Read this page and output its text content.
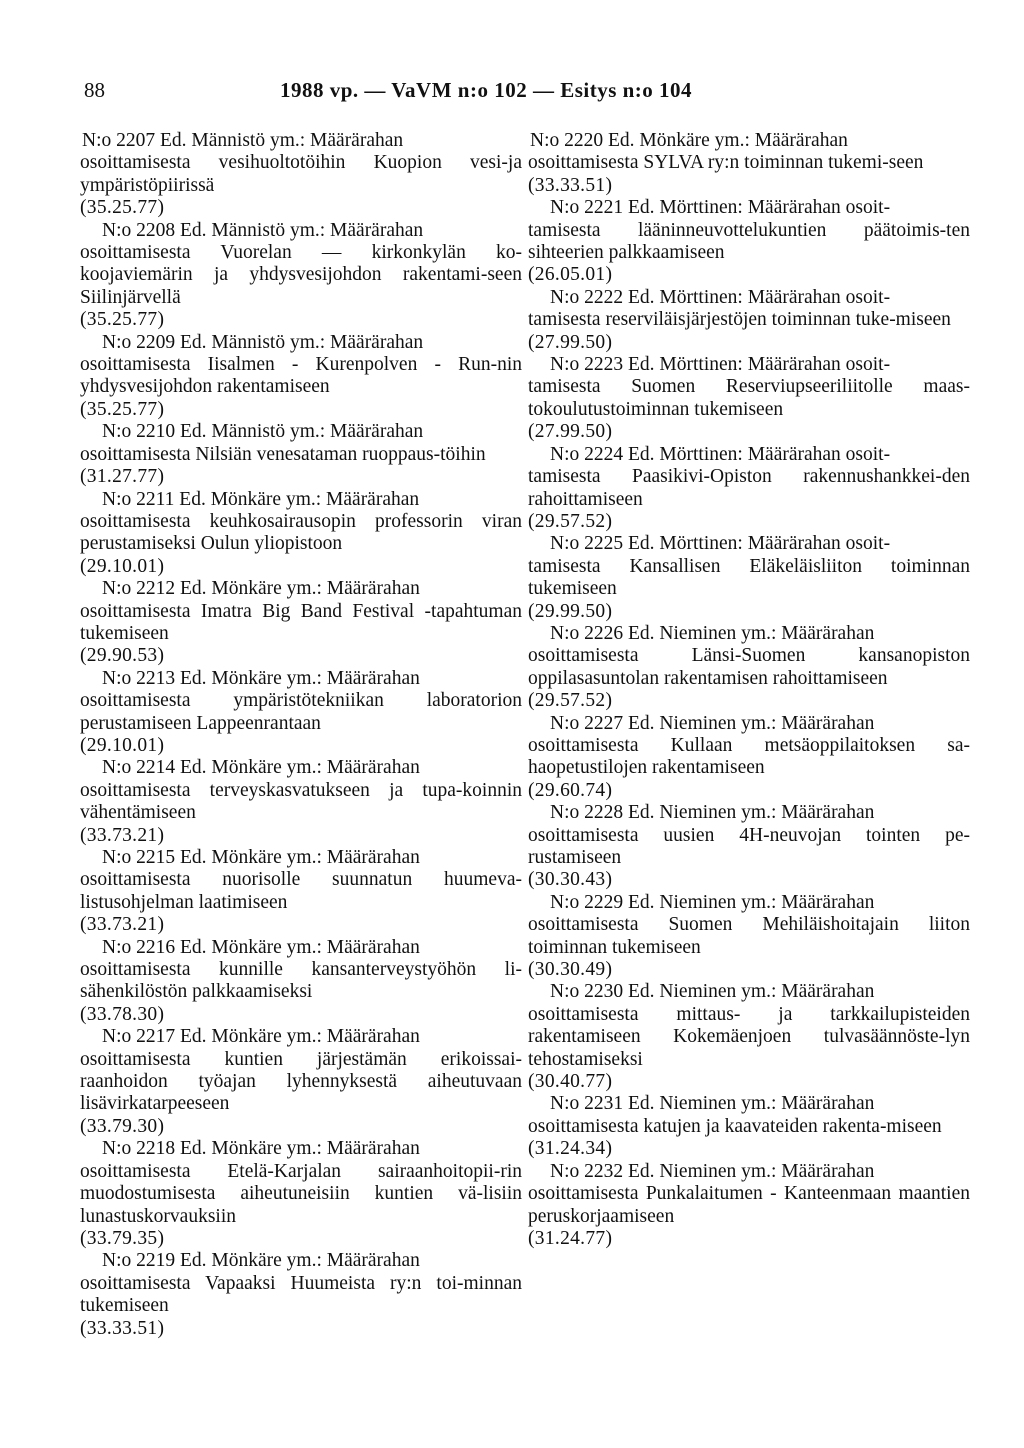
88	1988 vp. — VaVM n:o 102 — Esitys n:o 104

N:o 2207 Ed. Männistö ym.: Määrärahan

osoittamisesta vesihuoltotöihin Kuopion vesi-ja ympäristöpiirissä

(35.25.77)

N:o 2208 Ed. Männistö ym.: Määrärahan

osoittamisesta Vuorelan — kirkonkylän ko-koojaviemärin ja yhdysvesijohdon rakentami-seen Siilinjärvellä

(35.25.77)

N:o 2209 Ed. Männistö ym.: Määrärahan

osoittamisesta Iisalmen - Kurenpolven - Run-nin yhdysvesijohdon rakentamiseen

(35.25.77)

N:o 2210 Ed. Männistö ym.: Määrärahan

osoittamisesta Nilsiän venesataman ruoppaus-töihin

(31.27.77)

N:o 2211 Ed. Mönkäre ym.: Määrärahan

osoittamisesta keuhkosairausopin professorin viran perustamiseksi Oulun yliopistoon

(29.10.01)

N:o 2212 Ed. Mönkäre ym.: Määrärahan

osoittamisesta Imatra Big Band Festival -tapahtuman tukemiseen

(29.90.53)

N:o 2213 Ed. Mönkäre ym.: Määrärahan

osoittamisesta ympäristötekniikan laboratorion perustamiseen Lappeenrantaan

(29.10.01)

N:o 2214 Ed. Mönkäre ym.: Määrärahan

osoittamisesta terveyskasvatukseen ja tupa-koinnin vähentämiseen

(33.73.21)

N:o 2215 Ed. Mönkäre ym.: Määrärahan

osoittamisesta nuorisolle suunnatun huumeva-listusohjelman laatimiseen

(33.73.21)

N:o 2216 Ed. Mönkäre ym.: Määrärahan

osoittamisesta kunnille kansanterveystyöhön li-sähenkilöstön palkkaamiseksi

(33.78.30)

N:o 2217 Ed. Mönkäre ym.: Määrärahan

osoittamisesta kuntien järjestämän erikoissai-raanhoidon työajan lyhennyksestä aiheutuvaan lisävirkatarpeeseen

(33.79.30)

N:o 2218 Ed. Mönkäre ym.: Määrärahan

osoittamisesta Etelä-Karjalan sairaanhoitopii-rin muodostumisesta aiheutuneisiin kuntien vä-lisiin lunastuskorvauksiin

(33.79.35)

N:o 2219 Ed. Mönkäre ym.: Määrärahan

osoittamisesta Vapaaksi Huumeista ry:n toi-minnan tukemiseen

(33.33.51)

N:o 2220 Ed. Mönkäre ym.: Määrärahan

osoittamisesta SYLVA ry:n toiminnan tukemi-seen

(33.33.51)

N:o 2221 Ed. Mörttinen: Määrärahan osoit-

tamisesta lääninneuvottelukuntien päätoimis-ten sihteerien palkkaamiseen

(26.05.01)

N:o 2222 Ed. Mörttinen: Määrärahan osoit-

tamisesta reserviläisjärjestöjen toiminnan tuke-miseen

(27.99.50)

N:o 2223 Ed. Mörttinen: Määrärahan osoit-

tamisesta Suomen Reserviupseeriliitolle maas-tokoulutustoiminnan tukemiseen

(27.99.50)

N:o 2224 Ed. Mörttinen: Määrärahan osoit-

tamisesta Paasikivi-Opiston rakennushankkei-den rahoittamiseen

(29.57.52)

N:o 2225 Ed. Mörttinen: Määrärahan osoit-

tamisesta Kansallisen Eläkeläisliiton toiminnan tukemiseen

(29.99.50)

N:o 2226 Ed. Nieminen ym.: Määrärahan

osoittamisesta Länsi-Suomen kansanopiston oppilasasuntolan rakentamisen rahoittamiseen

(29.57.52)

N:o 2227 Ed. Nieminen ym.: Määrärahan

osoittamisesta Kullaan metsäoppilaitoksen sa-haopetustilojen rakentamiseen

(29.60.74)

N:o 2228 Ed. Nieminen ym.: Määrärahan

osoittamisesta uusien 4H-neuvojan tointen pe-rustamiseen

(30.30.43)

N:o 2229 Ed. Nieminen ym.: Määrärahan

osoittamisesta Suomen Mehiläishoitajain liiton toiminnan tukemiseen

(30.30.49)

N:o 2230 Ed. Nieminen ym.: Määrärahan

osoittamisesta mittaus- ja tarkkailupisteiden rakentamiseen Kokemäenjoen tulvasäännöste-lyn tehostamiseksi

(30.40.77)

N:o 2231 Ed. Nieminen ym.: Määrärahan

osoittamisesta katujen ja kaavateiden rakenta-miseen

(31.24.34)

N:o 2232 Ed. Nieminen ym.: Määrärahan

osoittamisesta Punkalaitumen - Kanteenmaan maantien peruskorjaamiseen

(31.24.77)
